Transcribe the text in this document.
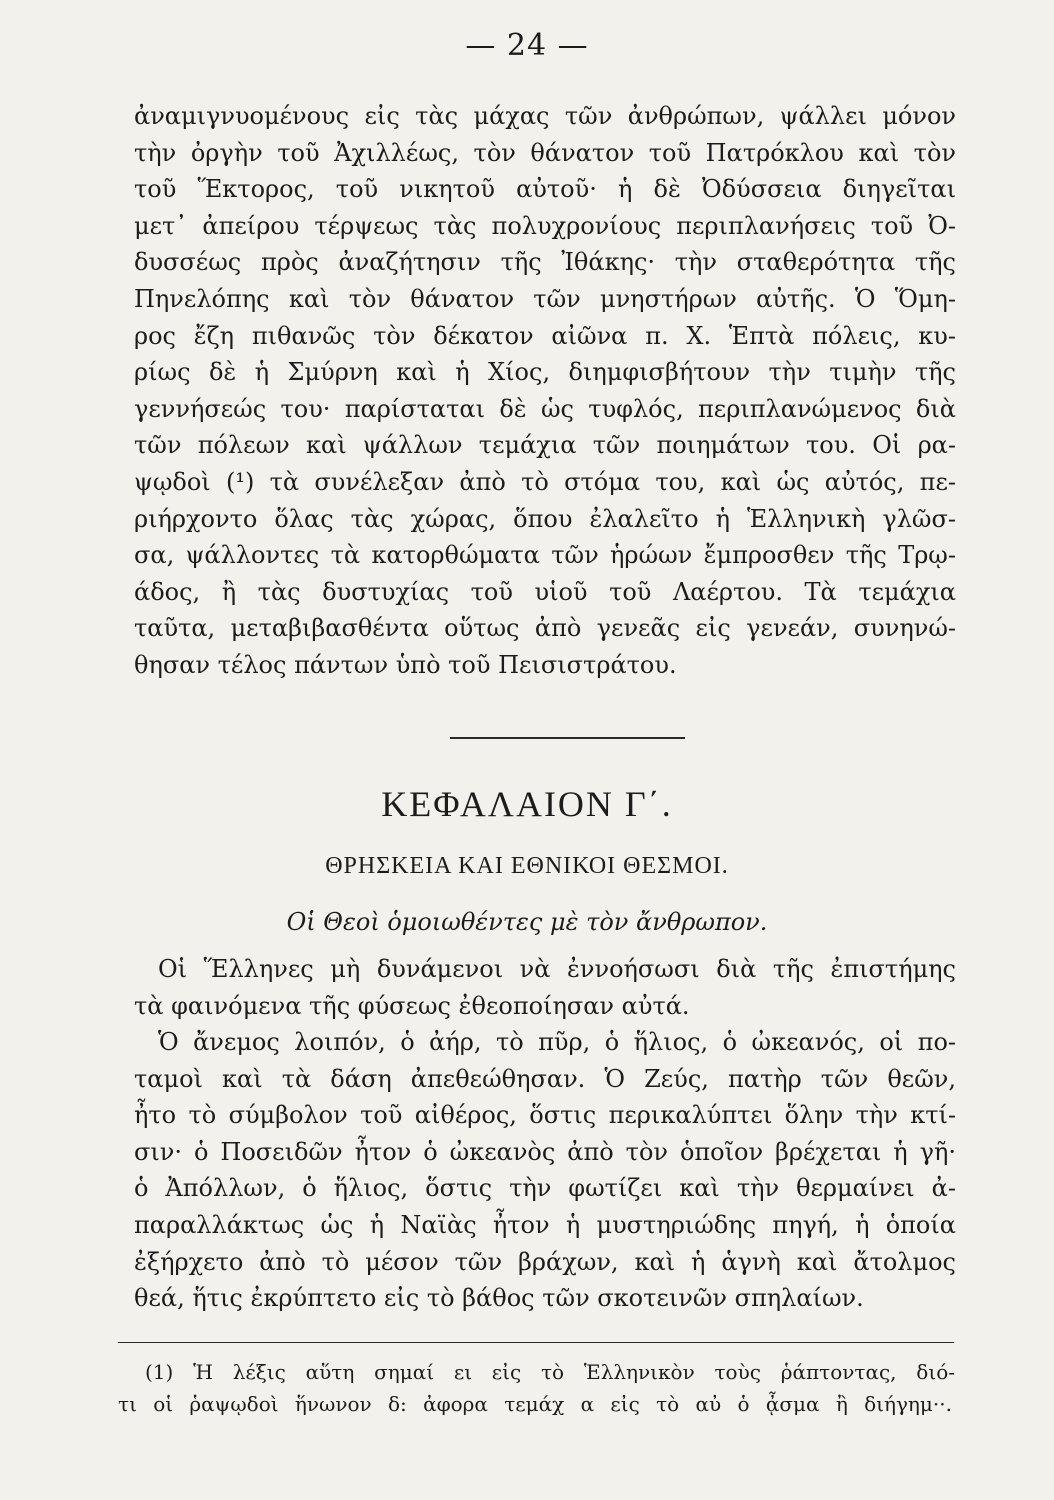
— 24 —
ἀναμιγνυομένους εἰς τὰς μάχας τῶν ἀνθρώπων, ψάλλει μόνον
τὴν ὀργὴν τοῦ Ἀχιλλέως, τὸν θάνατον τοῦ Πατρόκλου καὶ τὸν
τοῦ Ἕκτορος, τοῦ νικητοῦ αὐτοῦ· ἡ δὲ Ὀδύσσεια διηγεῖται
μετ᾽ ἀπείρου τέρψεως τὰς πολυχρονίους περιπλανήσεις τοῦ Ὀ-
δυσσέως πρὸς ἀναζήτησιν τῆς Ἰθάκης· τὴν σταθερότητα τῆς
Πηνελόπης καὶ τὸν θάνατον τῶν μνηστήρων αὐτῆς. Ὁ Ὅμη-
ρος ἔζη πιθανῶς τὸν δέκατον αἰῶνα π. Χ. Ἑπτὰ πόλεις, κυ-
ρίως δὲ ἡ Σμύρνη καὶ ἡ Χίος, διημφισβήτουν τὴν τιμὴν τῆς
γεννήσεώς του· παρίσταται δὲ ὡς τυφλός, περιπλανώμενος διὰ
τῶν πόλεων καὶ ψάλλων τεμάχια τῶν ποιημάτων του. Οἱ ρα-
ψῳδοὶ (¹) τὰ συνέλεξαν ἀπὸ τὸ στόμα του, καὶ ὡς αὐτός, πε-
ριήρχοντο ὅλας τὰς χώρας, ὅπου ἐλαλεῖτο ἡ Ἑλληνικὴ γλῶσ-
σα, ψάλλοντες τὰ κατορθώματα τῶν ἡρώων ἔμπροσθεν τῆς Τρῳ-
άδος, ἢ τὰς δυστυχίας τοῦ υἱοῦ τοῦ Λαέρτου. Τὰ τεμάχια
ταῦτα, μεταβιβασθέντα οὕτως ἀπὸ γενεᾶς εἰς γενεάν, συνηνώ-
θησαν τέλος πάντων ὑπὸ τοῦ Πεισιστράτου.
ΚΕΦΑΛΑΙΟΝ Γ΄.
ΘΡΗΣΚΕΙΑ ΚΑΙ ΕΘΝΙΚΟΙ ΘΕΣΜΟΙ.
Οἱ Θεοὶ ὁμοιωθέντες μὲ τὸν ἄνθρωπον.
Οἱ Ἕλληνες μὴ δυνάμενοι νὰ ἐννοήσωσι διὰ τῆς ἐπιστήμης
τὰ φαινόμενα τῆς φύσεως ἐθεοποίησαν αὐτά.
Ὁ ἄνεμος λοιπόν, ὁ ἀήρ, τὸ πῦρ, ὁ ἥλιος, ὁ ὠκεανός, οἱ πο-
ταμοὶ καὶ τὰ δάση ἀπεθεώθησαν. Ὁ Ζεύς, πατὴρ τῶν θεῶν,
ἦτο τὸ σύμβολον τοῦ αἰθέρος, ὅστις περικαλύπτει ὅλην τὴν κτί-
σιν· ὁ Ποσειδῶν ἦτον ὁ ὠκεανὸς ἀπὸ τὸν ὁποῖον βρέχεται ἡ γῆ·
ὁ Ἀπόλλων, ὁ ἥλιος, ὅστις τὴν φωτίζει καὶ τὴν θερμαίνει ἀ-
παραλλάκτως ὡς ἡ Ναϊὰς ἦτον ἡ μυστηριώδης πηγή, ἡ ὁποία
ἐξήρχετο ἀπὸ τὸ μέσον τῶν βράχων, καὶ ἡ ἁγνὴ καὶ ἄτολμος
θεά, ἥτις ἐκρύπτετο εἰς τὸ βάθος τῶν σκοτεινῶν σπηλαίων.
(1) Ἡ λέξις αὕτη σημαί ει εἰς τὸ Ἑλληνικὸν τοὺς ῥάπτοντας, διό-
τι οἱ ῥαψῳδοὶ ἥνωνον δ: ἀφορα τεμάχ α εἰς τὸ αὐ ὁ ᾆσμα ἢ διήγημ··.
